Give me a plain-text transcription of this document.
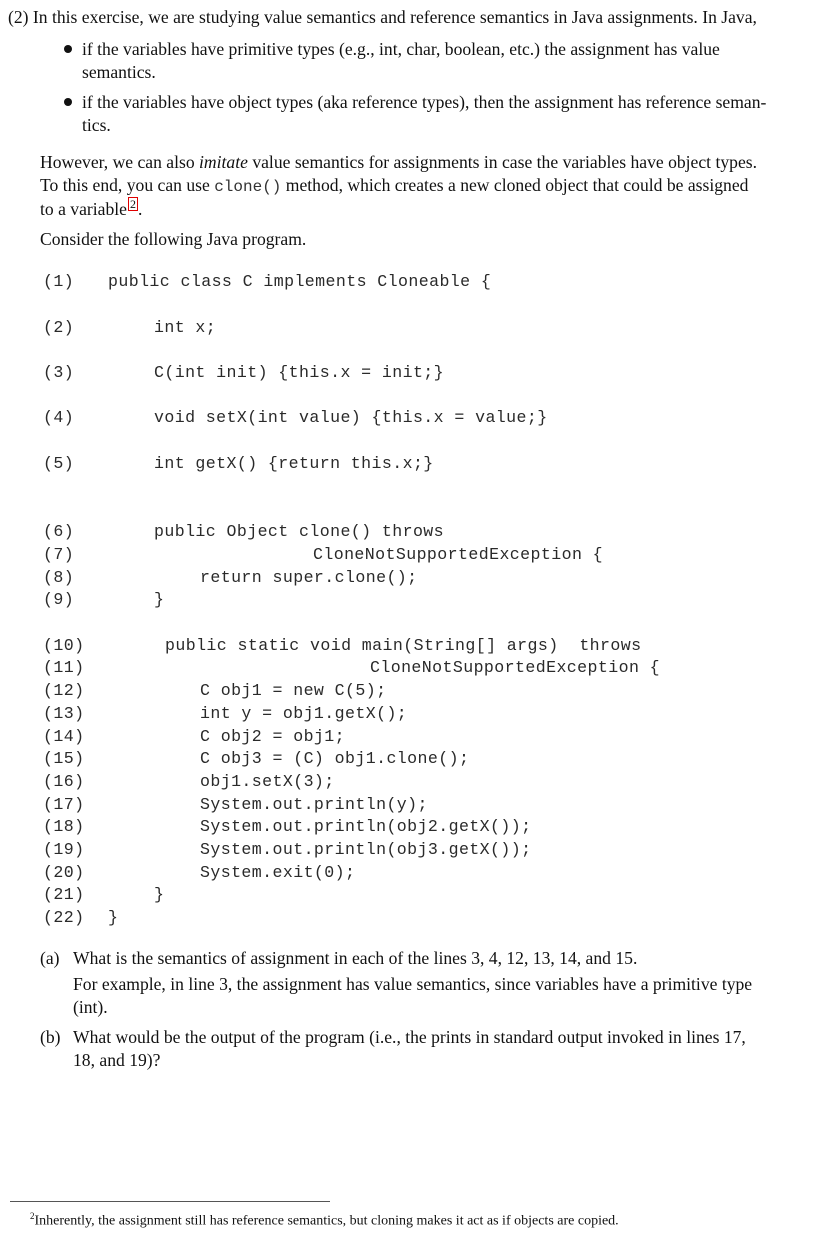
(2) In this exercise, we are studying value semantics and reference semantics in Java assignments. In Java,
if the variables have primitive types (e.g., int, char, boolean, etc.) the assignment has value
semantics.
if the variables have object types (aka reference types), then the assignment has reference seman-
tics.
However, we can also imitate value semantics for assignments in case the variables have object types.
To this end, you can use clone() method, which creates a new cloned object that could be assigned
to a variable 2 .
Consider the following Java program.
(1)
(2)
(3)
(4)
(5)
(6)
(7)
(8)
(9)
(10)
(11)
(12)
(13)
(14)
(15)
(16)
(17)
(18)
(19)
(20)
(21)
(22)
public class C implements Cloneable {
int x;
C(int init) {this.x = init;}
void setX(int value) {this.x = value;}
int getX() {return this.x;}
public Object clone() throws
CloneNotSupportedException {
return super.clone();
}
public static void main(String[] args)  throws
CloneNotSupportedException {
C obj1 = new C(5);
int y = obj1.getX();
C obj2 = obj1;
C obj3 = (C) obj1.clone();
obj1.setX(3);
System.out.println(y);
System.out.println(obj2.getX());
System.out.println(obj3.getX());
System.exit(0);
}
}
(a) What is the semantics of assignment in each of the lines 3, 4, 12, 13, 14, and 15.
For example, in line 3, the assignment has value semantics, since variables have a primitive type
(int).
(b) What would be the output of the program (i.e., the prints in standard output invoked in lines 17,
18, and 19)?
$^2$Inherently, the assignment still has reference semantics, but cloning makes it act as if objects are copied.
